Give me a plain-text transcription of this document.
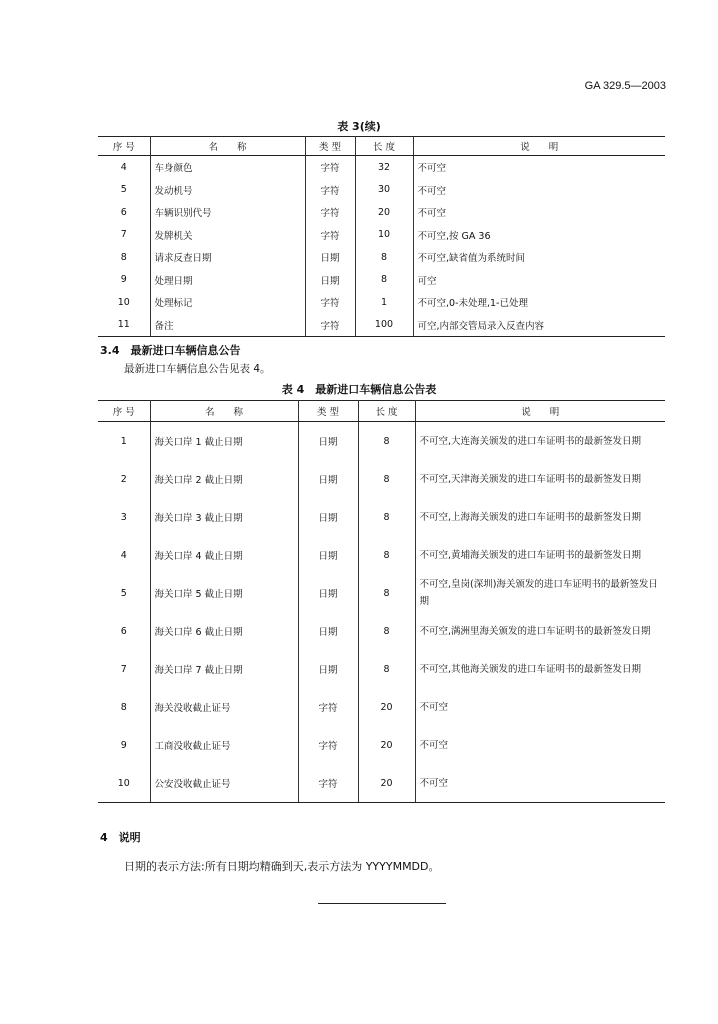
GA 329.5—2003
表 3(续)
序 号	名　　称	类 型	长 度	说　　明
4	车身颜色	字符	32	不可空
5	发动机号	字符	30	不可空
6	车辆识别代号	字符	20	不可空
7	发牌机关	字符	10	不可空,按 GA 36
8	请求反查日期	日期	8	不可空,缺省值为系统时间
9	处理日期	日期	8	可空
10	处理标记	字符	1	不可空,0-未处理,1-已处理
11	备注	字符	100	可空,内部交管局录入反查内容
3.4　最新进口车辆信息公告
最新进口车辆信息公告见表 4。
表 4　最新进口车辆信息公告表
序 号	名　　称	类 型	长 度	说　　明
1	海关口岸 1 截止日期	日期	8	不可空,大连海关颁发的进口车证明书的最新签发日期
2	海关口岸 2 截止日期	日期	8	不可空,天津海关颁发的进口车证明书的最新签发日期
3	海关口岸 3 截止日期	日期	8	不可空,上海海关颁发的进口车证明书的最新签发日期
4	海关口岸 4 截止日期	日期	8	不可空,黄埔海关颁发的进口车证明书的最新签发日期
5	海关口岸 5 截止日期	日期	8	不可空,皇岗(深圳)海关颁发的进口车证明书的最新签发日期
6	海关口岸 6 截止日期	日期	8	不可空,满洲里海关颁发的进口车证明书的最新签发日期
7	海关口岸 7 截止日期	日期	8	不可空,其他海关颁发的进口车证明书的最新签发日期
8	海关没收截止证号	字符	20	不可空
9	工商没收截止证号	字符	20	不可空
10	公安没收截止证号	字符	20	不可空
4　说明
日期的表示方法:所有日期均精确到天,表示方法为 YYYYMMDD。
